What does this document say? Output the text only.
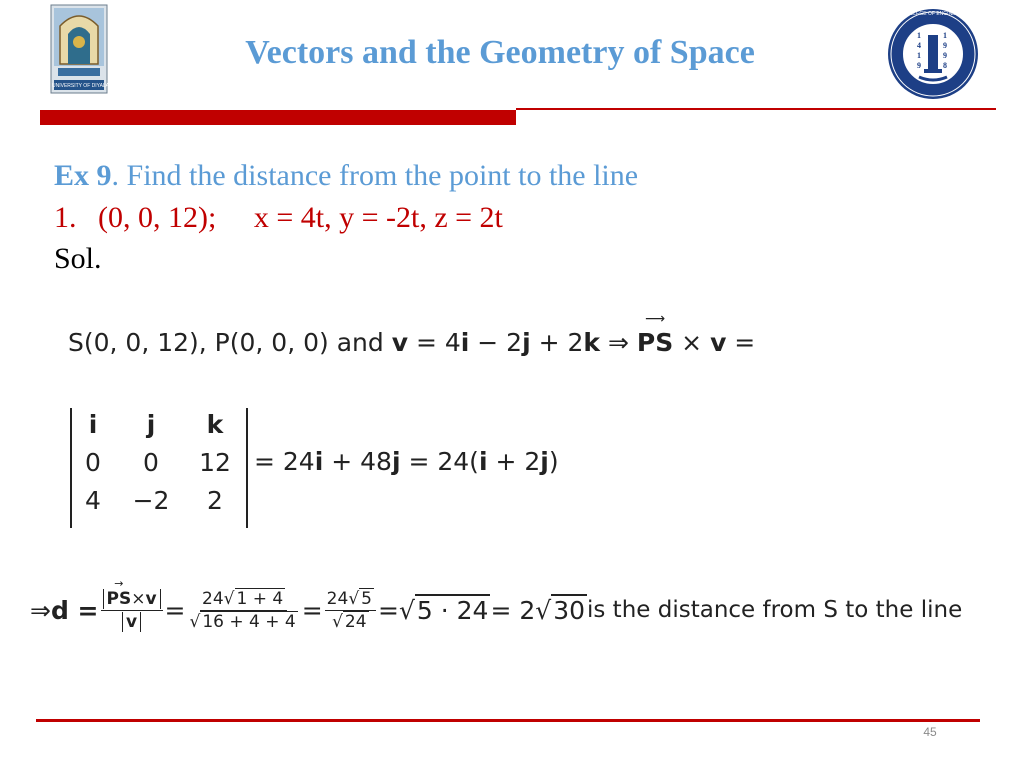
UNIVERSITY OF DIYALA
Vectors and the Geometry of Space
COLLEGE OF ENGINEERING
1
4
1
9
1
9
9
8
Ex 9. Find the distance from the point to the line
1. (0, 0, 12); x = 4t, y = -2t, z = 2t
Sol.
S(0, 0, 12), P(0, 0, 0) and v = 4i − 2j + 2k ⇒
⟶
PS × v =
i	j	k
0	0	12
4	−2	2
= 24i + 48j = 24(i + 2j)
⇒ d = →
PS×v
$v = \frac{24√ 1 + 4}{√ 16 + 4 + 4} = \frac{24√ 5}{√ 24} = √5 \cdot 24 = 2$ √30 is the distance from S to the line
45
